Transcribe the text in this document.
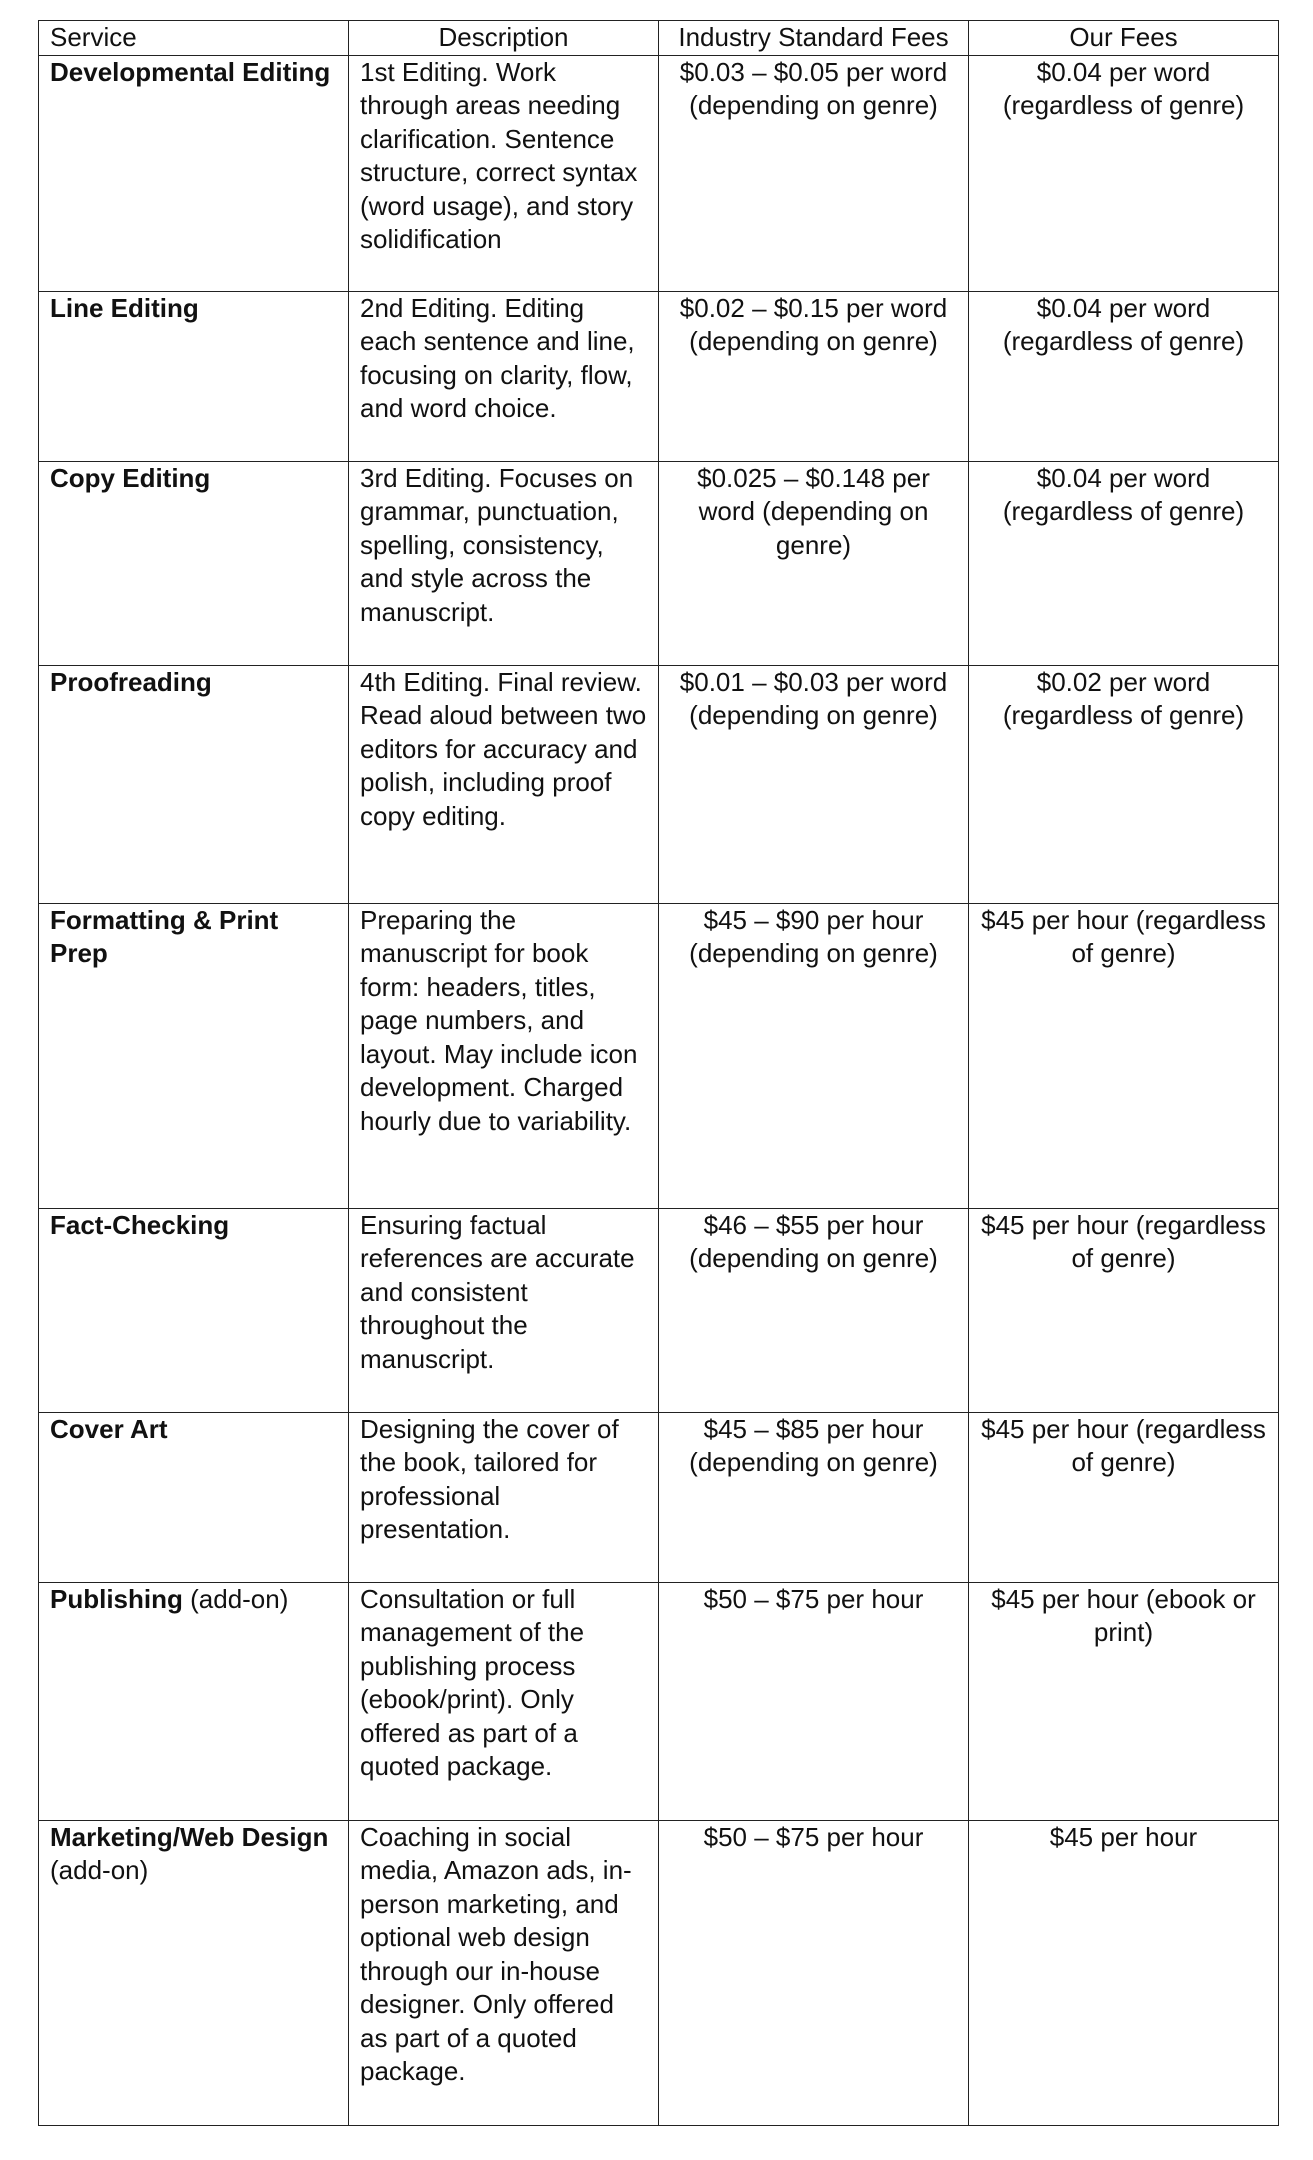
Service	Description	Industry Standard Fees	Our Fees
Developmental Editing	1st Editing. Work through areas needing clarification. Sentence structure, correct syntax (word usage), and story solidification	$0.03 – $0.05 per word (depending on genre)	$0.04 per word (regardless of genre)
Line Editing	2nd Editing. Editing each sentence and line, focusing on clarity, flow, and word choice.	$0.02 – $0.15 per word (depending on genre)	$0.04 per word (regardless of genre)
Copy Editing	3rd Editing. Focuses on grammar, punctuation, spelling, consistency, and style across the manuscript.	$0.025 – $0.148 per word (depending on genre)	$0.04 per word (regardless of genre)
Proofreading	4th Editing. Final review. Read aloud between two editors for accuracy and polish, including proof copy editing.	$0.01 – $0.03 per word (depending on genre)	$0.02 per word (regardless of genre)
Formatting & Print Prep	Preparing the manuscript for book form: headers, titles, page numbers, and layout. May include icon development. Charged hourly due to variability.	$45 – $90 per hour (depending on genre)	$45 per hour (regardless of genre)
Fact-Checking	Ensuring factual references are accurate and consistent throughout the manuscript.	$46 – $55 per hour (depending on genre)	$45 per hour (regardless of genre)
Cover Art	Designing the cover of the book, tailored for professional presentation.	$45 – $85 per hour (depending on genre)	$45 per hour (regardless of genre)
Publishing (add-on)	Consultation or full management of the publishing process (ebook/print). Only offered as part of a quoted package.	$50 – $75 per hour	$45 per hour (ebook or print)
Marketing/Web Design (add-on)	Coaching in social media, Amazon ads, in-person marketing, and optional web design through our in-house designer. Only offered as part of a quoted package.	$50 – $75 per hour	$45 per hour
